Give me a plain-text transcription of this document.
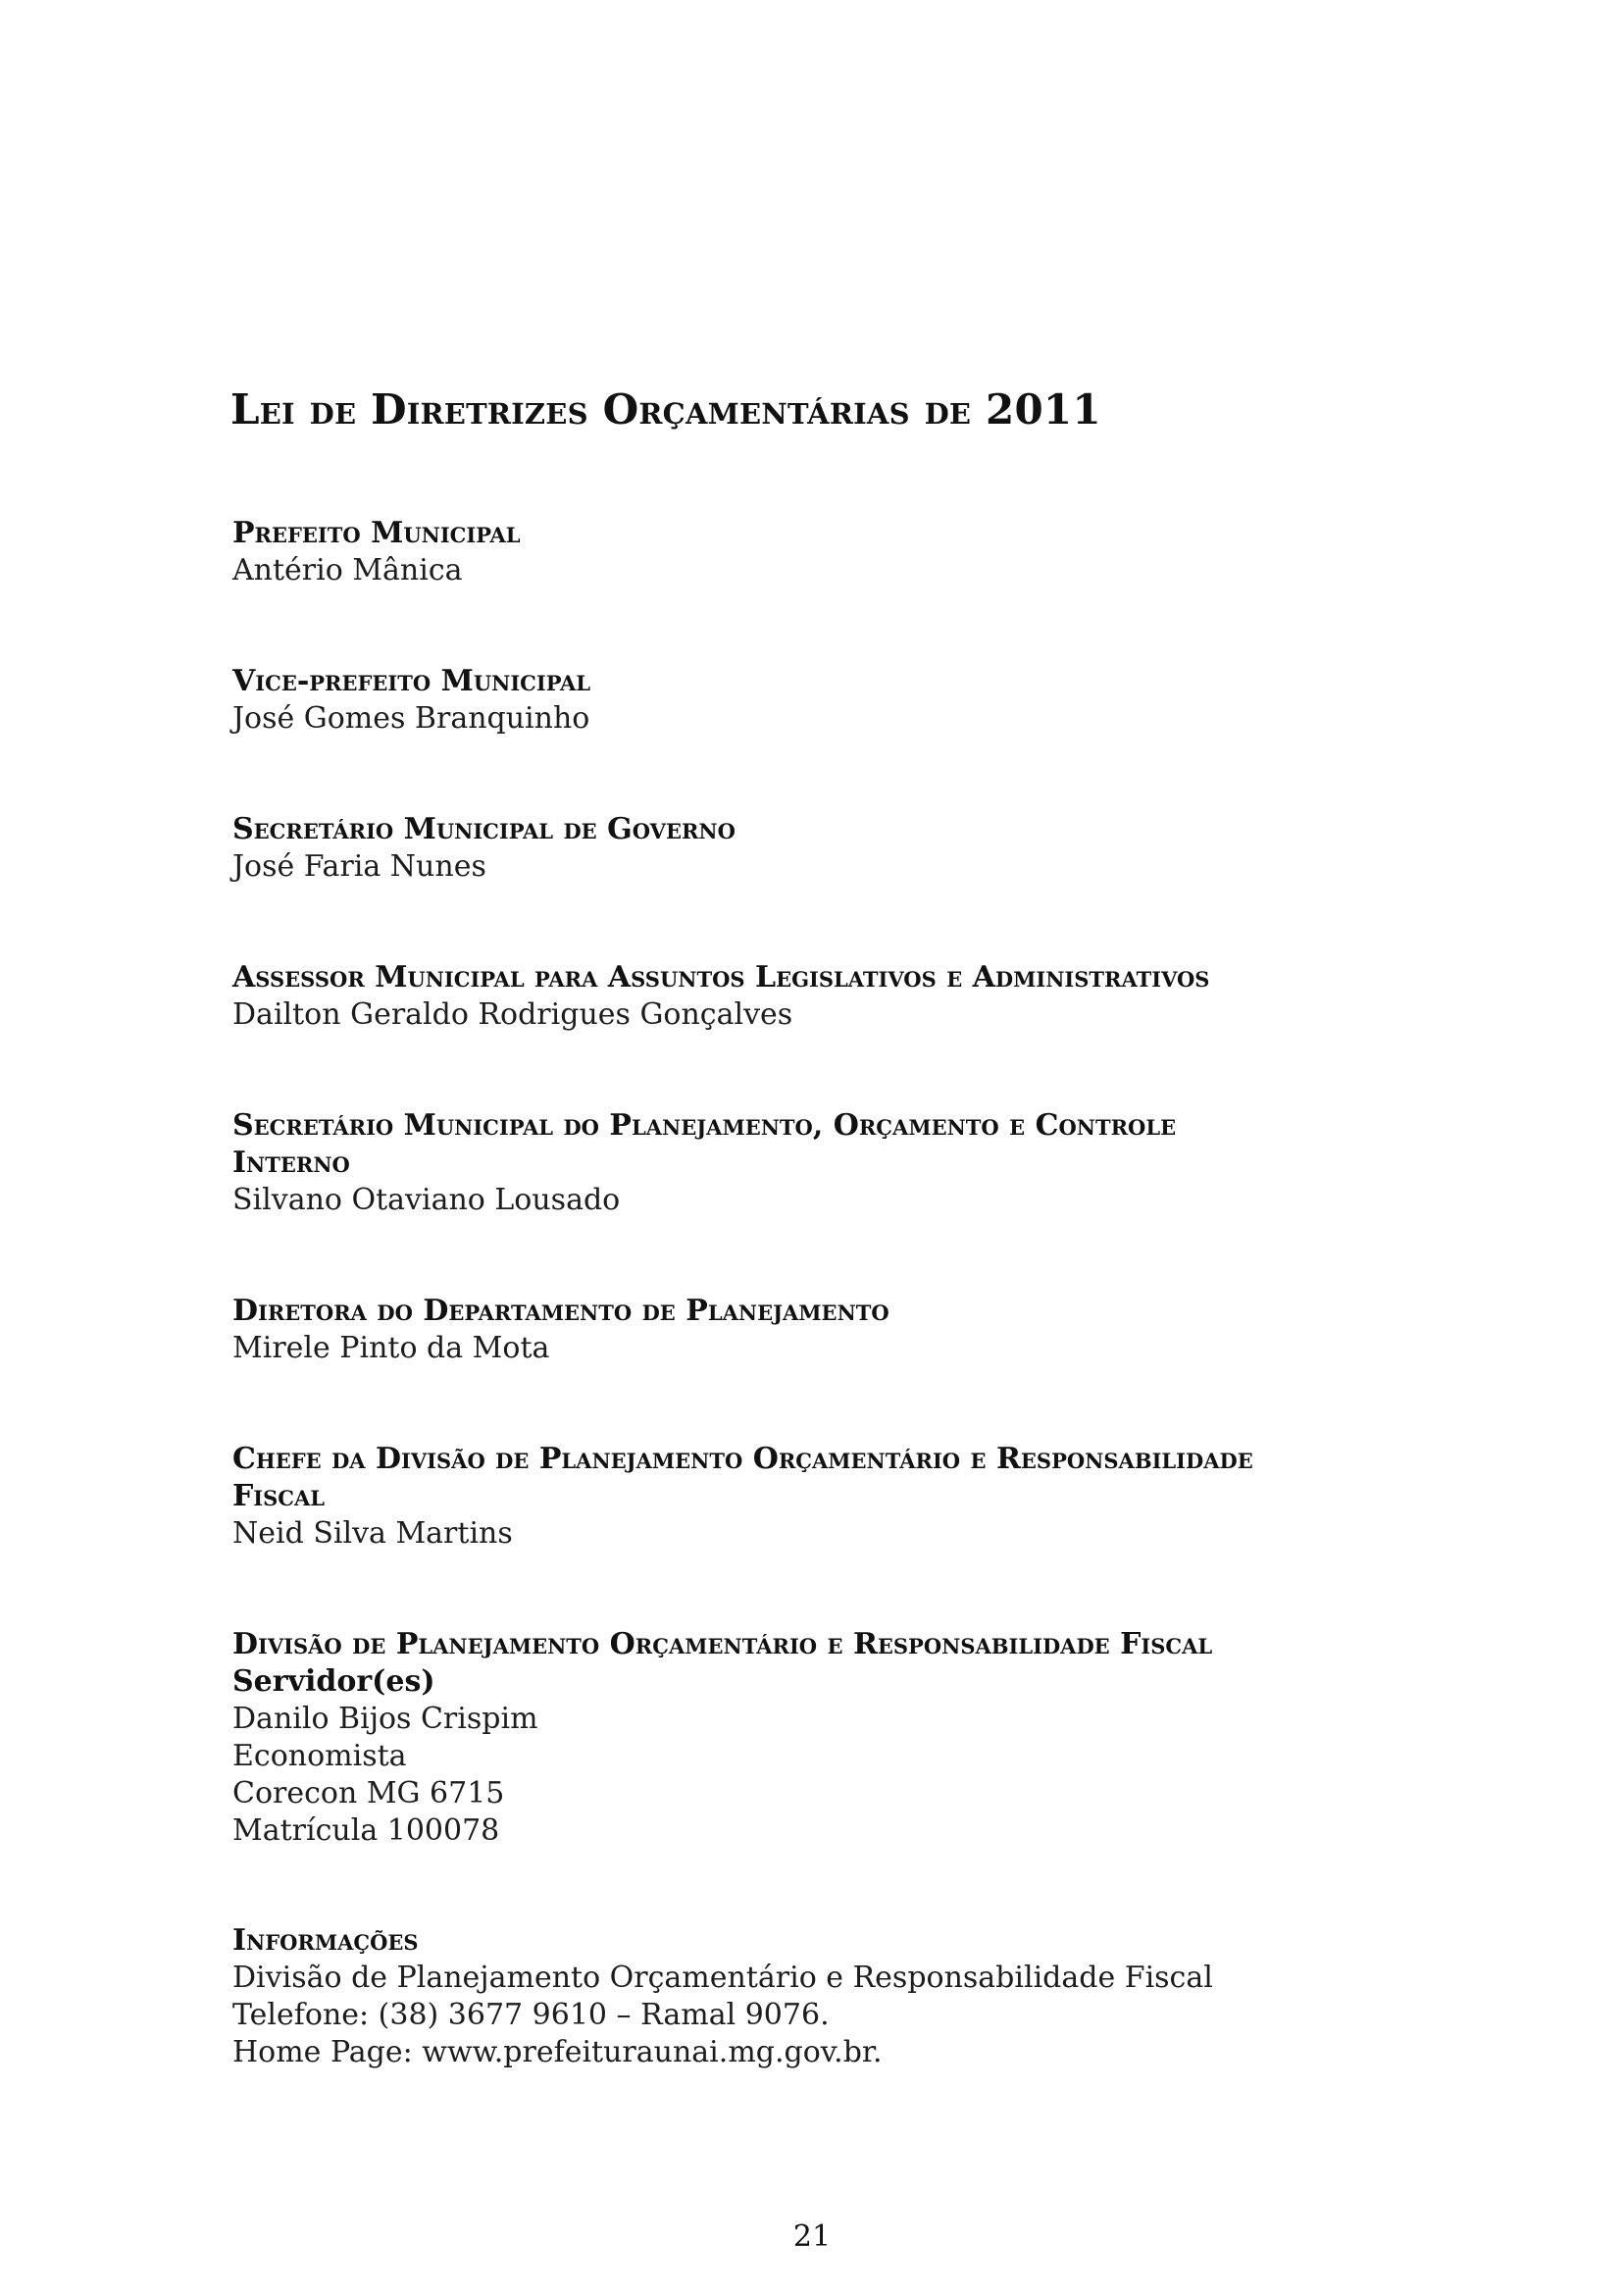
Lei de Diretrizes Orçamentárias de 2011
Prefeito Municipal
Antério Mânica
Vice-prefeito Municipal
José Gomes Branquinho
Secretário Municipal de Governo
José Faria Nunes
Assessor Municipal para Assuntos Legislativos e Administrativos
Dailton Geraldo Rodrigues Gonçalves
Secretário Municipal do Planejamento, Orçamento e Controle
Interno
Silvano Otaviano Lousado
Diretora do Departamento de Planejamento
Mirele Pinto da Mota
Chefe da Divisão de Planejamento Orçamentário e Responsabilidade
Fiscal
Neid Silva Martins
Divisão de Planejamento Orçamentário e Responsabilidade Fiscal
Servidor(es)
Danilo Bijos Crispim
Economista
Corecon MG 6715
Matrícula 100078
Informações
Divisão de Planejamento Orçamentário e Responsabilidade Fiscal
Telefone: (38) 3677 9610 – Ramal 9076.
Home Page: www.prefeituraunai.mg.gov.br.
21
